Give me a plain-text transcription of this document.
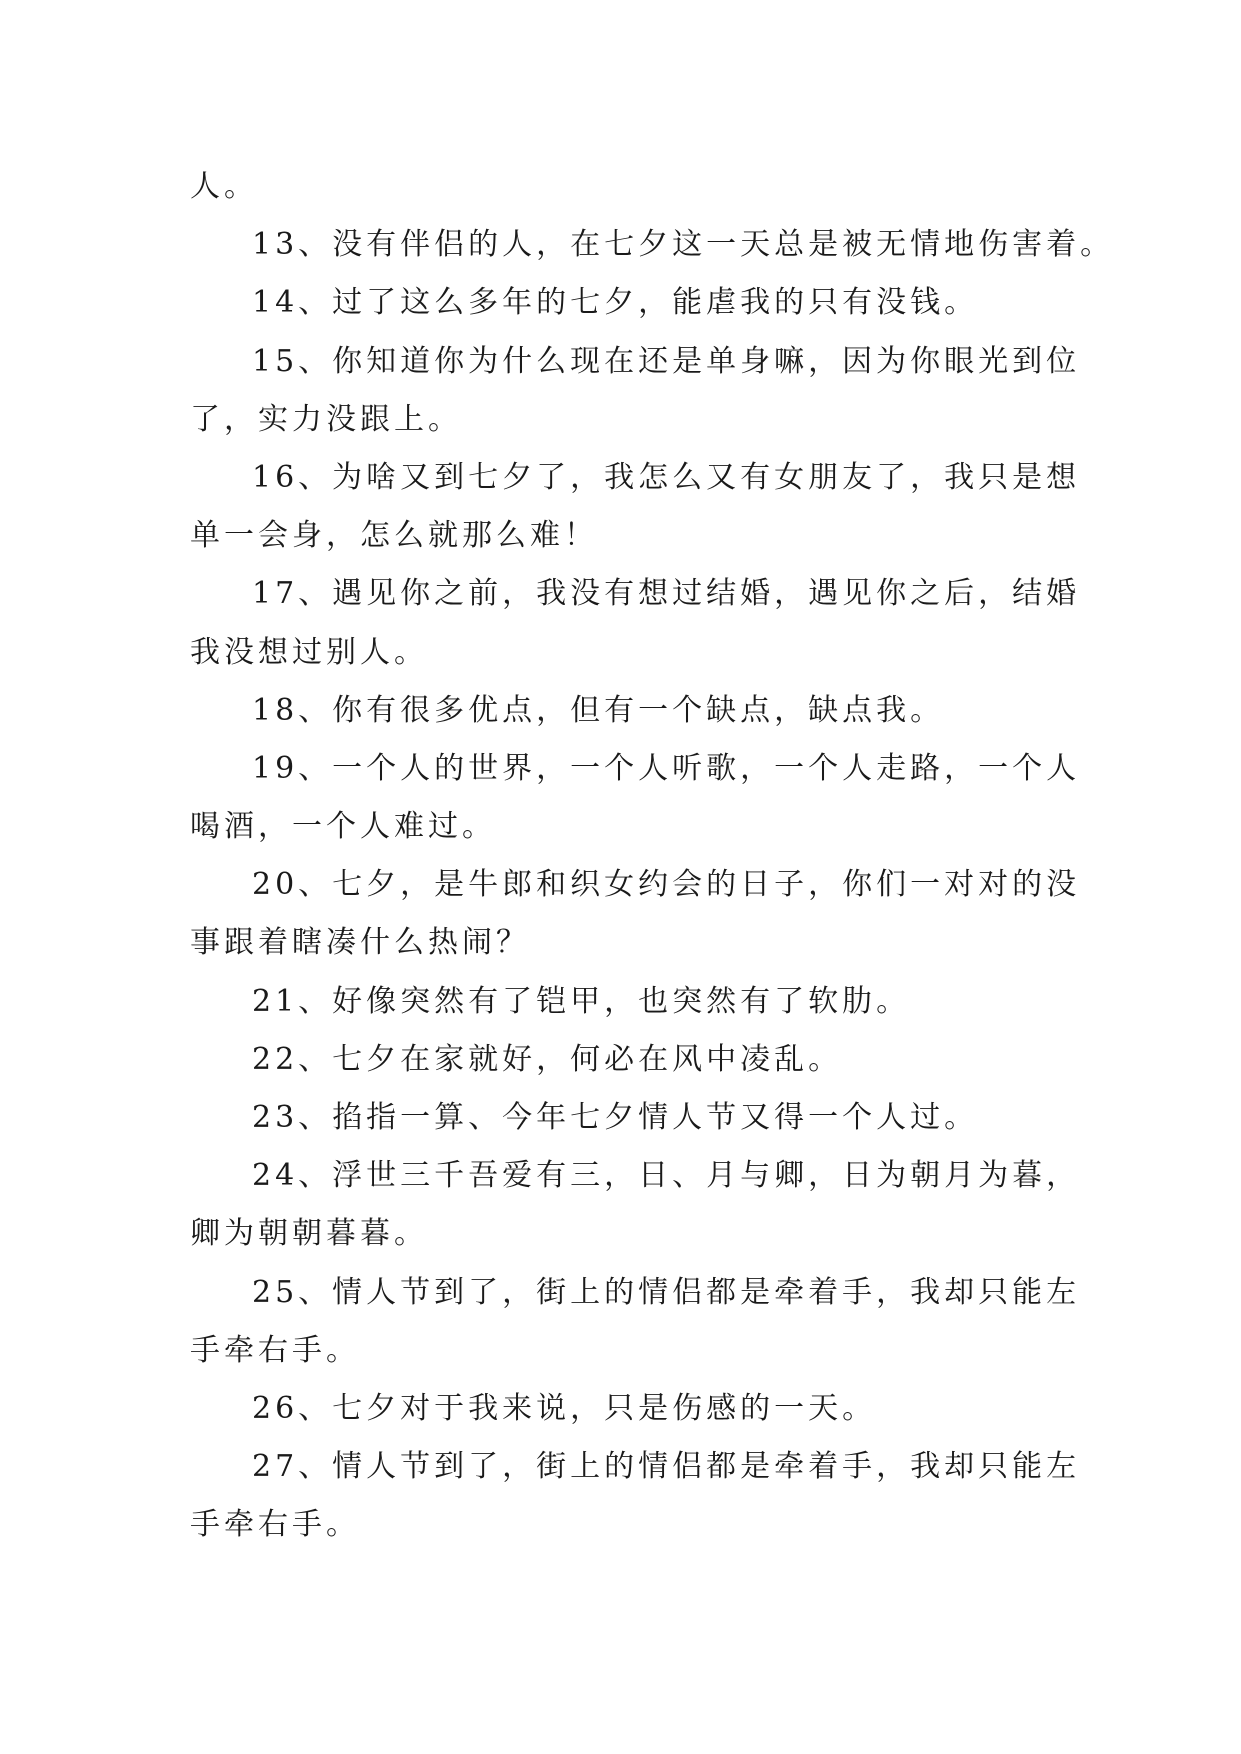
人。
13、没有伴侣的人，在七夕这一天总是被无情地伤害着。
14、过了这么多年的七夕，能虐我的只有没钱。
15、你知道你为什么现在还是单身嘛，因为你眼光到位
了，实力没跟上。
16、为啥又到七夕了，我怎么又有女朋友了，我只是想
单一会身，怎么就那么难！
17、遇见你之前，我没有想过结婚，遇见你之后，结婚
我没想过别人。
18、你有很多优点，但有一个缺点，缺点我。
19、一个人的世界，一个人听歌，一个人走路，一个人
喝酒，一个人难过。
20、七夕，是牛郎和织女约会的日子，你们一对对的没
事跟着瞎凑什么热闹？
21、好像突然有了铠甲，也突然有了软肋。
22、七夕在家就好，何必在风中凌乱。
23、掐指一算、今年七夕情人节又得一个人过。
24、浮世三千吾爱有三，日、月与卿，日为朝月为暮，
卿为朝朝暮暮。
25、情人节到了，街上的情侣都是牵着手，我却只能左
手牵右手。
26、七夕对于我来说，只是伤感的一天。
27、情人节到了，街上的情侣都是牵着手，我却只能左
手牵右手。
